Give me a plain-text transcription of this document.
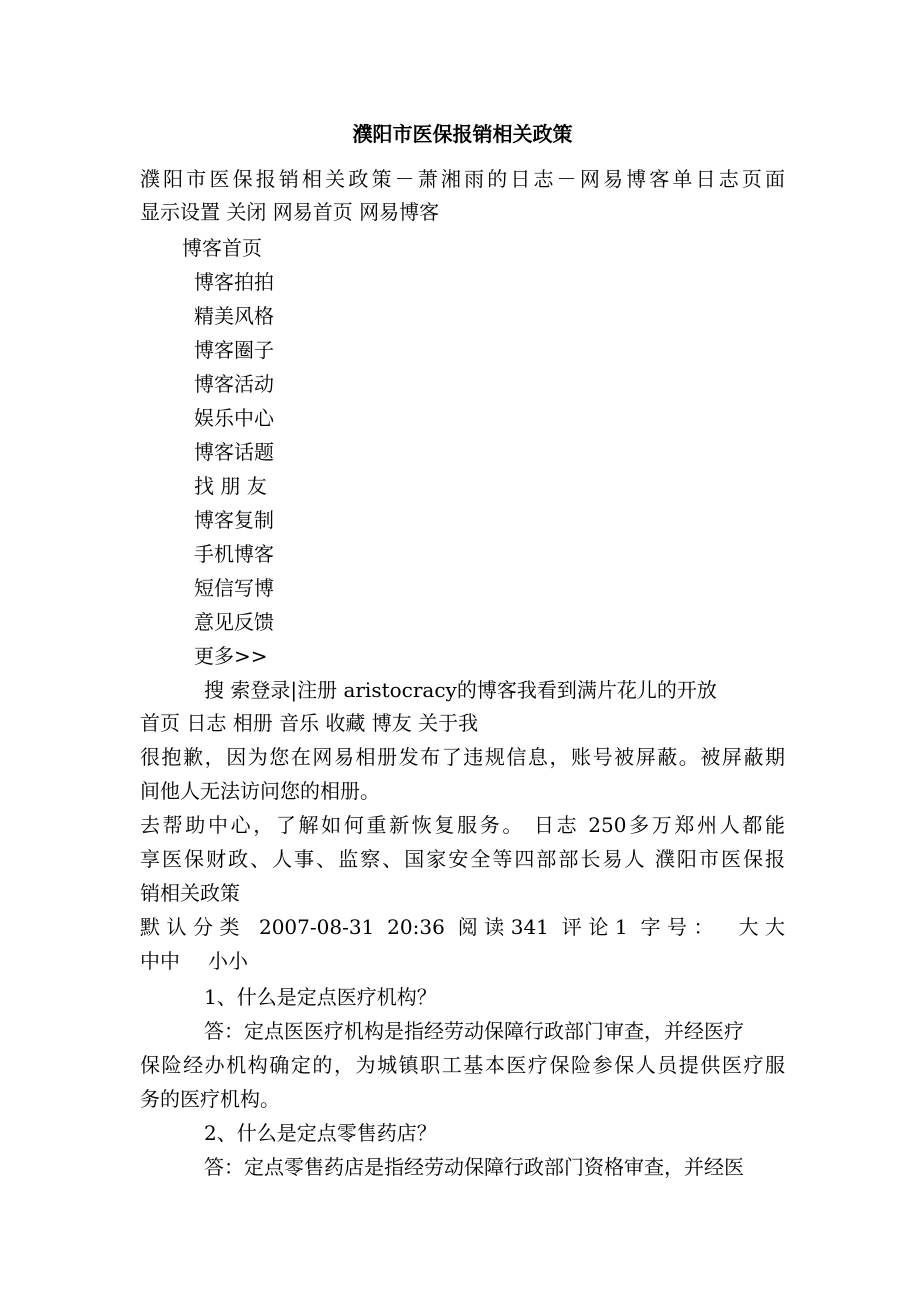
濮阳市医保报销相关政策
濮阳市医保报销相关政策－萧湘雨的日志－网易博客单日志页面
显示设置 关闭 网易首页 网易博客
博客首页
博客拍拍
精美风格
博客圈子
博客活动
娱乐中心
博客话题
找 朋 友
博客复制
手机博客
短信写博
意见反馈
更多>>
搜 索登录|注册 aristocracy的博客我看到满片花儿的开放
首页 日志 相册 音乐 收藏 博友 关于我
很抱歉，因为您在网易相册发布了违规信息，账号被屏蔽。被屏蔽期
间他人无法访问您的相册。
去帮助中心，了解如何重新恢复服务。 日志 250多万郑州人都能
享医保财政、人事、监察、国家安全等四部部长易人 濮阳市医保报
销相关政策
默认分类 2007-08-31 20:36 阅读341 评论1 字号： 大大
中中 小小
1、什么是定点医疗机构？
答：定点医医疗机构是指经劳动保障行政部门审查，并经医疗
保险经办机构确定的，为城镇职工基本医疗保险参保人员提供医疗服
务的医疗机构。
2、什么是定点零售药店？
答：定点零售药店是指经劳动保障行政部门资格审查，并经医
